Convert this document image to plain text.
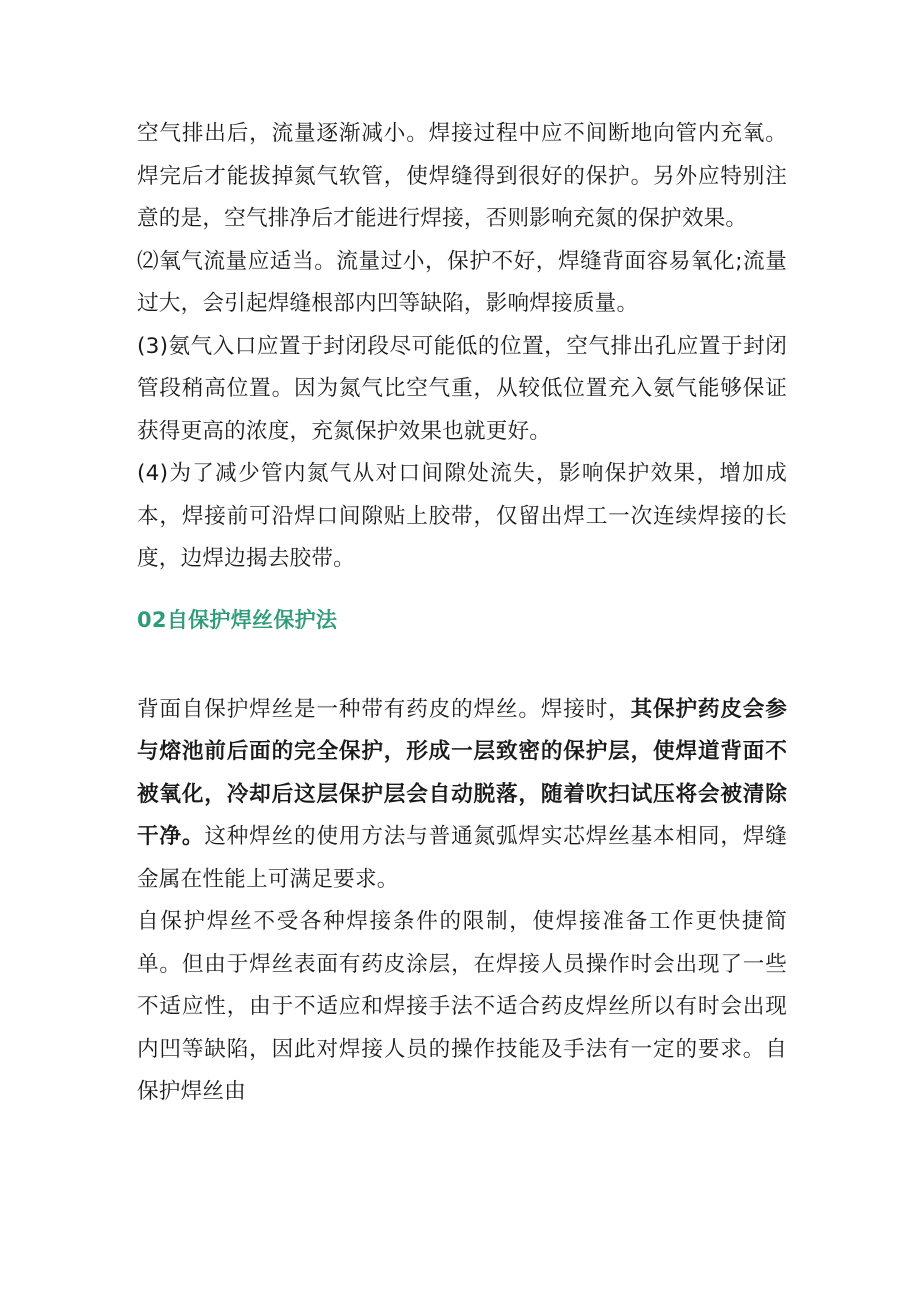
空气排出后，流量逐渐减小。焊接过程中应不间断地向管内充氧。焊完后才能拔掉氮气软管，使焊缝得到很好的保护。另外应特别注意的是，空气排净后才能进行焊接，否则影响充氮的保护效果。

⑵氧气流量应适当。流量过小，保护不好，焊缝背面容易氧化;流量过大，会引起焊缝根部内凹等缺陷，影响焊接质量。

(3)氨气入口应置于封闭段尽可能低的位置，空气排出孔应置于封闭管段稍高位置。因为氮气比空气重，从较低位置充入氨气能够保证获得更高的浓度，充氮保护效果也就更好。

(4)为了减少管内氮气从对口间隙处流失，影响保护效果，增加成本，焊接前可沿焊口间隙贴上胶带，仅留出焊工一次连续焊接的长度，边焊边揭去胶带。

02自保护焊丝保护法

背面自保护焊丝是一种带有药皮的焊丝。焊接时，其保护药皮会参与熔池前后面的完全保护，形成一层致密的保护层，使焊道背面不被氧化，冷却后这层保护层会自动脱落，随着吹扫试压将会被清除干净。这种焊丝的使用方法与普通氮弧焊实芯焊丝基本相同，焊缝金属在性能上可满足要求。

自保护焊丝不受各种焊接条件的限制，使焊接准备工作更快捷简单。但由于焊丝表面有药皮涂层，在焊接人员操作时会出现了一些不适应性，由于不适应和焊接手法不适合药皮焊丝所以有时会出现内凹等缺陷，因此对焊接人员的操作技能及手法有一定的要求。自保护焊丝由
